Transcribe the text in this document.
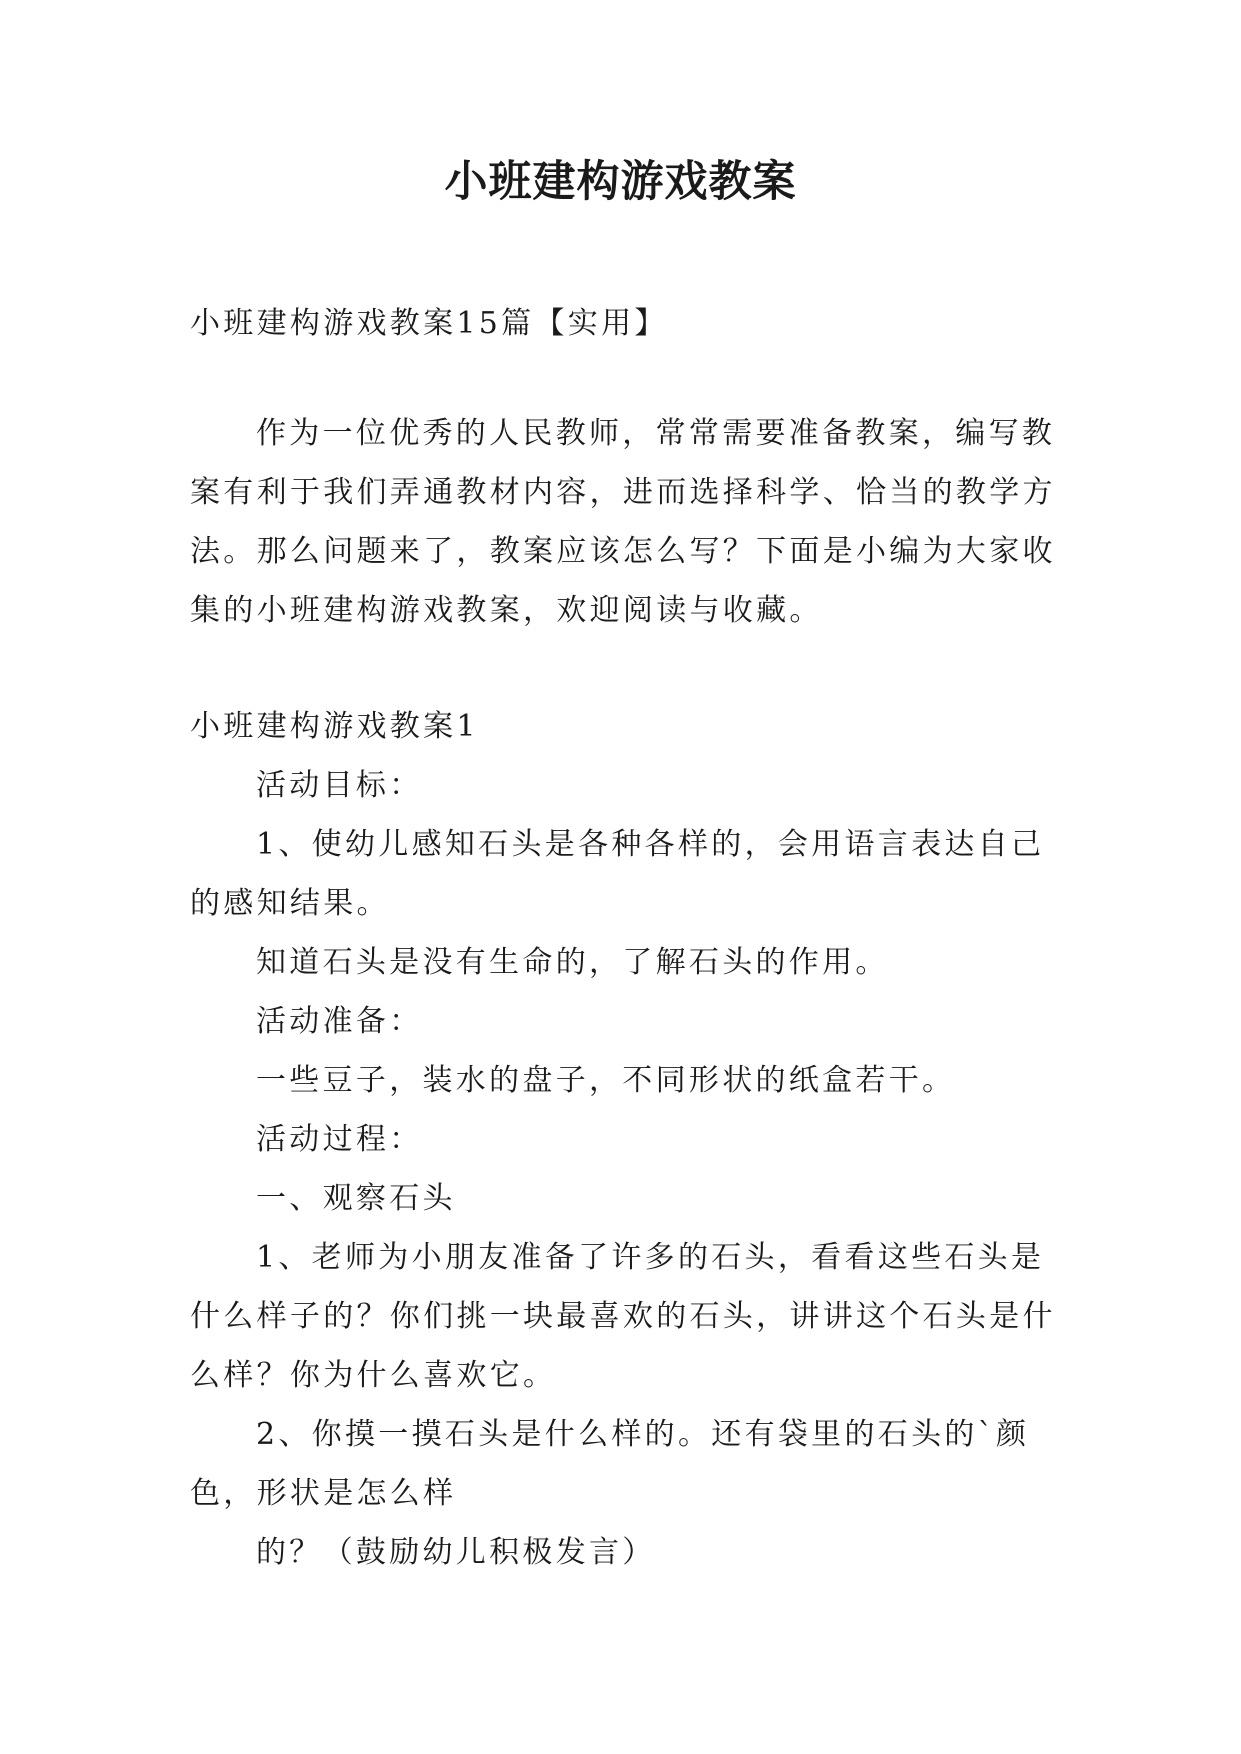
小班建构游戏教案

小班建构游戏教案15篇【实用】

作为一位优秀的人民教师，常常需要准备教案，编写教案有利于我们弄通教材内容，进而选择科学、恰当的教学方法。那么问题来了，教案应该怎么写？下面是小编为大家收集的小班建构游戏教案，欢迎阅读与收藏。

小班建构游戏教案1

活动目标：

1、使幼儿感知石头是各种各样的，会用语言表达自己的感知结果。

知道石头是没有生命的，了解石头的作用。

活动准备：

一些豆子，装水的盘子，不同形状的纸盒若干。

活动过程：

一、观察石头

1、老师为小朋友准备了许多的石头，看看这些石头是什么样子的？你们挑一块最喜欢的石头，讲讲这个石头是什么样？你为什么喜欢它。

2、你摸一摸石头是什么样的。还有袋里的石头的`颜色，形状是怎么样

的？（鼓励幼儿积极发言）
